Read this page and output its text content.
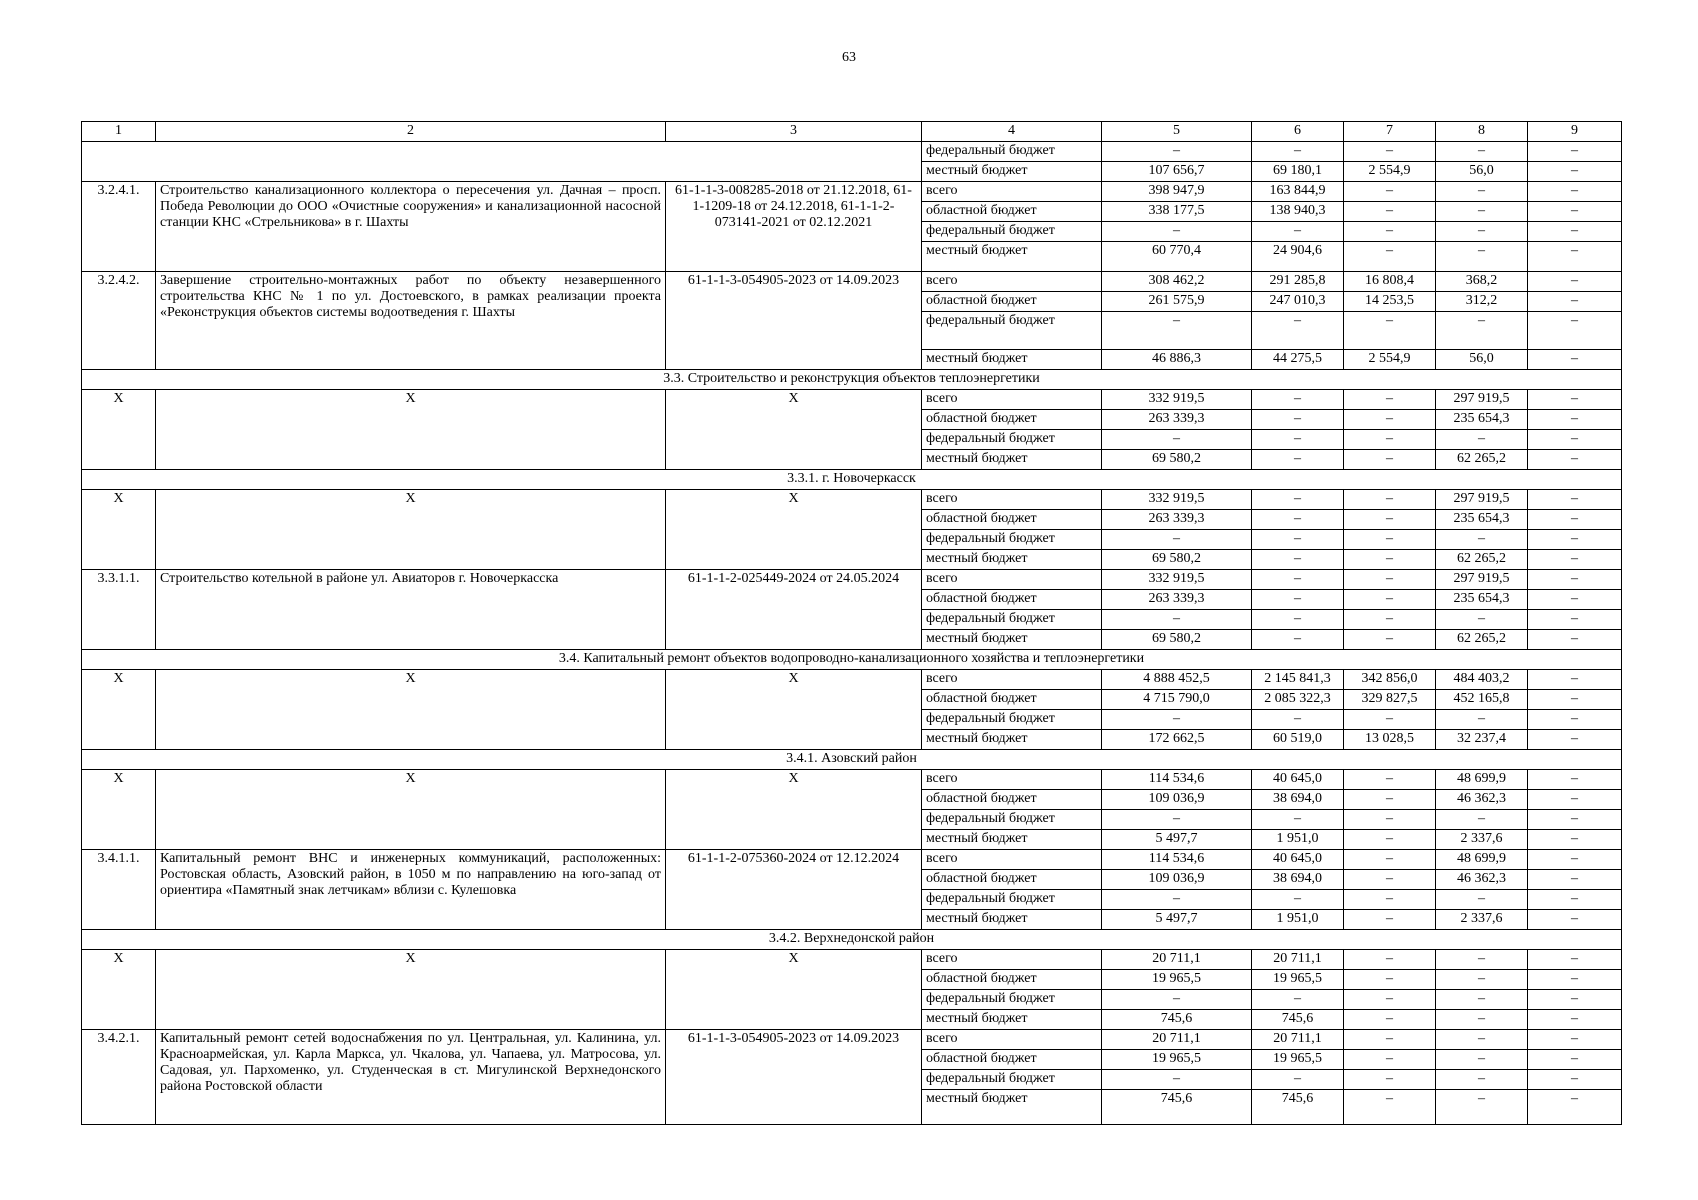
63
1	2	3	4	5	6	7	8	9
			федеральный бюджет	–	–	–	–	–
			местный бюджет	107 656,7	69 180,1	2 554,9	56,0	–
3.2.4.1.	Строительство канализационного коллектора о пересечения ул. Дачная – просп. Победа Революции до ООО «Очистные сооружения» и канализационной насосной станции КНС «Стрельникова» в г. Шахты	61-1-1-3-008285-2018 от 21.12.2018, 61-1-1209-18 от 24.12.2018, 61-1-1-2-073141-2021 от 02.12.2021	всего	398 947,9	163 844,9	–	–	–
			областной бюджет	338 177,5	138 940,3	–	–	–
			федеральный бюджет	–	–	–	–	–
			местный бюджет	60 770,4	24 904,6	–	–	–
3.2.4.2.	Завершение строительно-монтажных работ по объекту незавершенного строительства КНС № 1 по ул. Достоевского, в рамках реализации проекта «Реконструкция объектов системы водоотведения г. Шахты	61-1-1-3-054905-2023 от 14.09.2023	всего	308 462,2	291 285,8	16 808,4	368,2	–
			областной бюджет	261 575,9	247 010,3	14 253,5	312,2	–
			федеральный бюджет	–	–	–	–	–
			местный бюджет	46 886,3	44 275,5	2 554,9	56,0	–
3.3. Строительство и реконструкция объектов теплоэнергетики								
Х	Х	Х	всего	332 919,5	–	–	297 919,5	–
			областной бюджет	263 339,3	–	–	235 654,3	–
			федеральный бюджет	–	–	–	–	–
			местный бюджет	69 580,2	–	–	62 265,2	–
3.3.1. г. Новочеркасск								
Х	Х	Х	всего	332 919,5	–	–	297 919,5	–
			областной бюджет	263 339,3	–	–	235 654,3	–
			федеральный бюджет	–	–	–	–	–
			местный бюджет	69 580,2	–	–	62 265,2	–
3.3.1.1.	Строительство котельной в районе ул. Авиаторов г. Новочеркасска	61-1-1-2-025449-2024 от 24.05.2024	всего	332 919,5	–	–	297 919,5	–
			областной бюджет	263 339,3	–	–	235 654,3	–
			федеральный бюджет	–	–	–	–	–
			местный бюджет	69 580,2	–	–	62 265,2	–
3.4. Капитальный ремонт объектов водопроводно-канализационного хозяйства и теплоэнергетики								
Х	Х	Х	всего	4 888 452,5	2 145 841,3	342 856,0	484 403,2	–
			областной бюджет	4 715 790,0	2 085 322,3	329 827,5	452 165,8	–
			федеральный бюджет	–	–	–	–	–
			местный бюджет	172 662,5	60 519,0	13 028,5	32 237,4	–
3.4.1. Азовский район								
Х	Х	Х	всего	114 534,6	40 645,0	–	48 699,9	–
			областной бюджет	109 036,9	38 694,0	–	46 362,3	–
			федеральный бюджет	–	–	–	–	–
			местный бюджет	5 497,7	1 951,0	–	2 337,6	–
3.4.1.1.	Капитальный ремонт ВНС и инженерных коммуникаций, расположенных: Ростовская область, Азовский район, в 1050 м по направлению на юго-запад от ориентира «Памятный знак летчикам» вблизи с. Кулешовка	61-1-1-2-075360-2024 от 12.12.2024	всего	114 534,6	40 645,0	–	48 699,9	–
			областной бюджет	109 036,9	38 694,0	–	46 362,3	–
			федеральный бюджет	–	–	–	–	–
			местный бюджет	5 497,7	1 951,0	–	2 337,6	–
3.4.2. Верхнедонской район								
Х	Х	Х	всего	20 711,1	20 711,1	–	–	–
			областной бюджет	19 965,5	19 965,5	–	–	–
			федеральный бюджет	–	–	–	–	–
			местный бюджет	745,6	745,6	–	–	–
3.4.2.1.	Капитальный ремонт сетей водоснабжения по ул. Центральная, ул. Калинина, ул. Красноармейская, ул. Карла Маркса, ул. Чкалова, ул. Чапаева, ул. Матросова, ул. Садовая, ул. Пархоменко, ул. Студенческая в ст. Мигулинской Верхнедонского района Ростовской области	61-1-1-3-054905-2023 от 14.09.2023	всего	20 711,1	20 711,1	–	–	–
			областной бюджет	19 965,5	19 965,5	–	–	–
			федеральный бюджет	–	–	–	–	–
			местный бюджет	745,6	745,6	–	–	–
